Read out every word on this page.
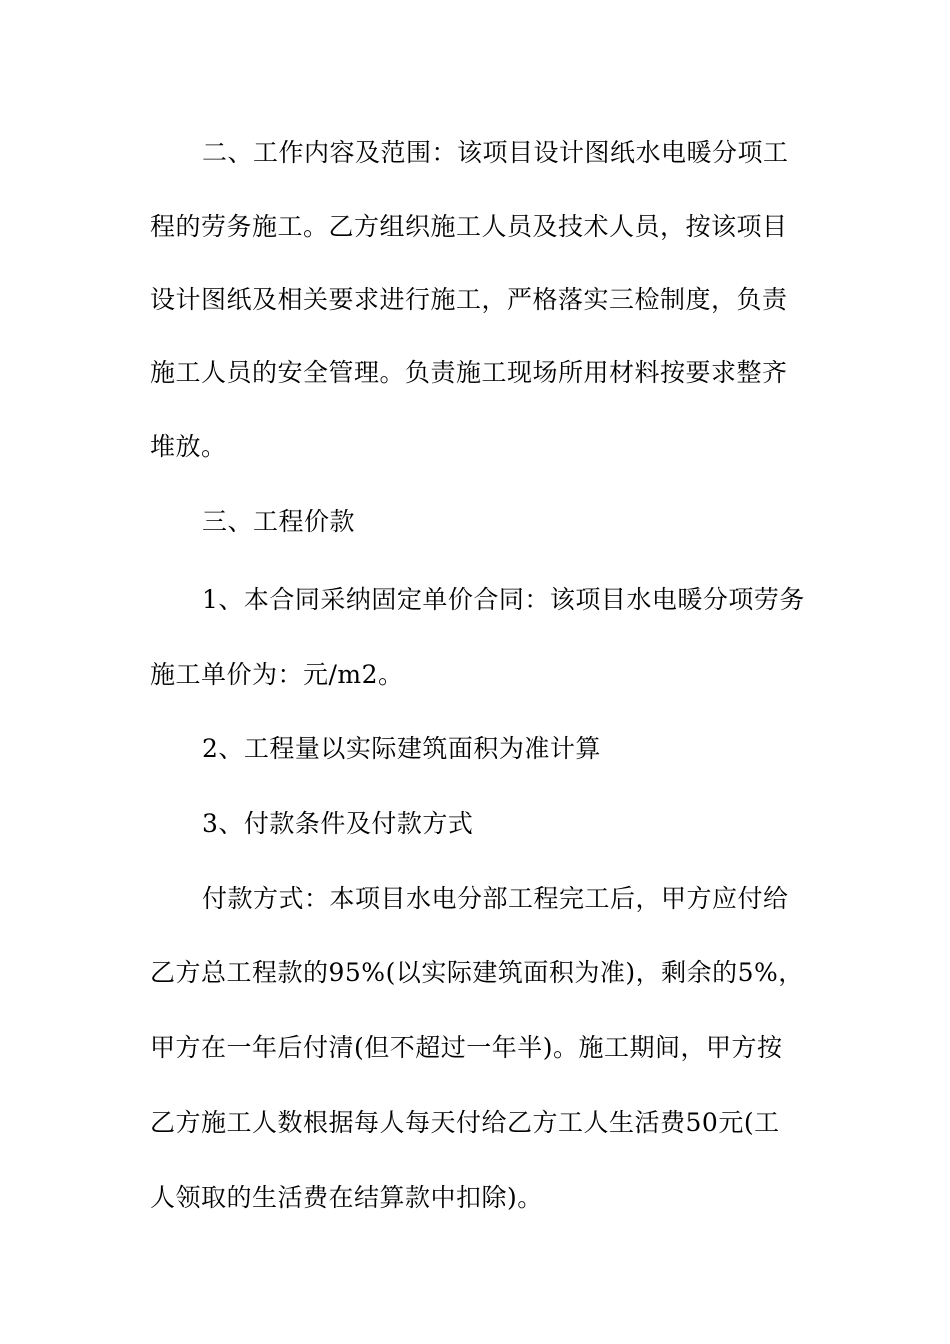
二、工作内容及范围：该项目设计图纸水电暖分项工
程的劳务施工。乙方组织施工人员及技术人员，按该项目
设计图纸及相关要求进行施工，严格落实三检制度，负责
施工人员的安全管理。负责施工现场所用材料按要求整齐
堆放。
三、工程价款
1、本合同采纳固定单价合同：该项目水电暖分项劳务
施工单价为：元/m2。
2、工程量以实际建筑面积为准计算
3、付款条件及付款方式
付款方式：本项目水电分部工程完工后，甲方应付给
乙方总工程款的95%(以实际建筑面积为准)，剩余的5%，
甲方在一年后付清(但不超过一年半)。施工期间，甲方按
乙方施工人数根据每人每天付给乙方工人生活费50元(工
人领取的生活费在结算款中扣除)。
